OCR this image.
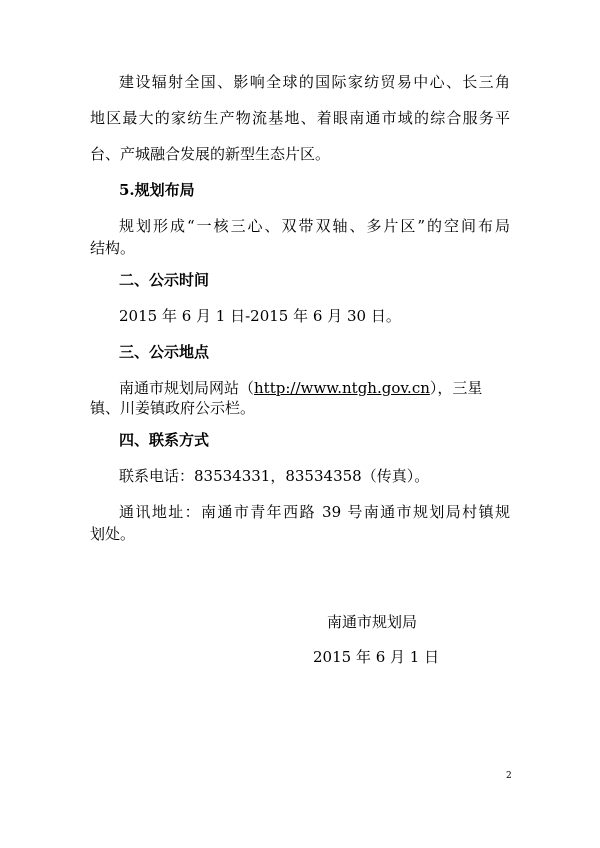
建设辐射全国、影响全球的国际家纺贸易中心、长三角
地区最大的家纺生产物流基地、着眼南通市域的综合服务平
台、产城融合发展的新型生态片区。
5.规划布局
规划形成“一核三心、双带双轴、多片区”的空间布局
结构。
二、公示时间
2015 年 6 月 1 日-2015 年 6 月 30 日。
三、公示地点
南通市规划局网站（http://www.ntgh.gov.cn），三星
镇、川姜镇政府公示栏。
四、联系方式
联系电话：83534331，83534358（传真）。
通讯地址：南通市青年西路 39 号南通市规划局村镇规
划处。
南通市规划局
2015 年 6 月 1 日
2
